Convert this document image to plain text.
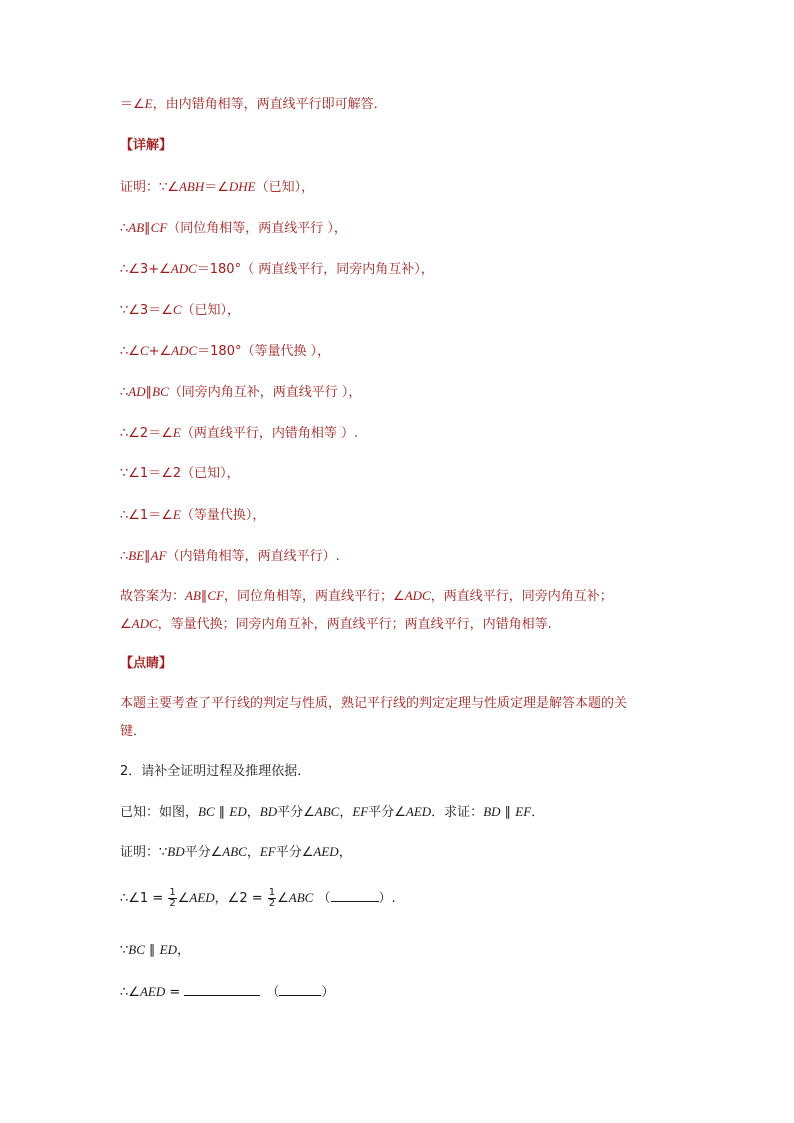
＝∠E，由内错角相等，两直线平行即可解答．
【详解】
证明：∵∠ABH＝∠DHE（已知），
∴AB∥CF（同位角相等，两直线平行 ），
∴∠3+∠ADC＝180°（ 两直线平行，同旁内角互补），
∵∠3＝∠C（已知），
∴∠C+∠ADC＝180°（等量代换 ），
∴AD∥BC（同旁内角互补，两直线平行 ），
∴∠2＝∠E（两直线平行，内错角相等 ）.
∵∠1＝∠2（已知），
∴∠1＝∠E（等量代换），
∴BE∥AF（内错角相等，两直线平行）.
故答案为：AB∥CF，同位角相等，两直线平行；∠ADC，两直线平行，同旁内角互补；
∠ADC，等量代换；同旁内角互补，两直线平行；两直线平行，内错角相等.
【点睛】
本题主要考查了平行线的判定与性质，熟记平行线的判定定理与性质定理是解答本题的关
键．
2．请补全证明过程及推理依据．
已知：如图，BC ∥ ED，BD平分∠ABC，EF平分∠AED．求证：BD ∥ EF．
证明：∵BD平分∠ABC，EF平分∠AED，
∴∠1 = $\frac{1}{2}$ ∠AED，∠2 = $\frac{1}{2}$ ∠ABC （	）.
∵BC ∥ ED，
∴∠AED =	（	）
